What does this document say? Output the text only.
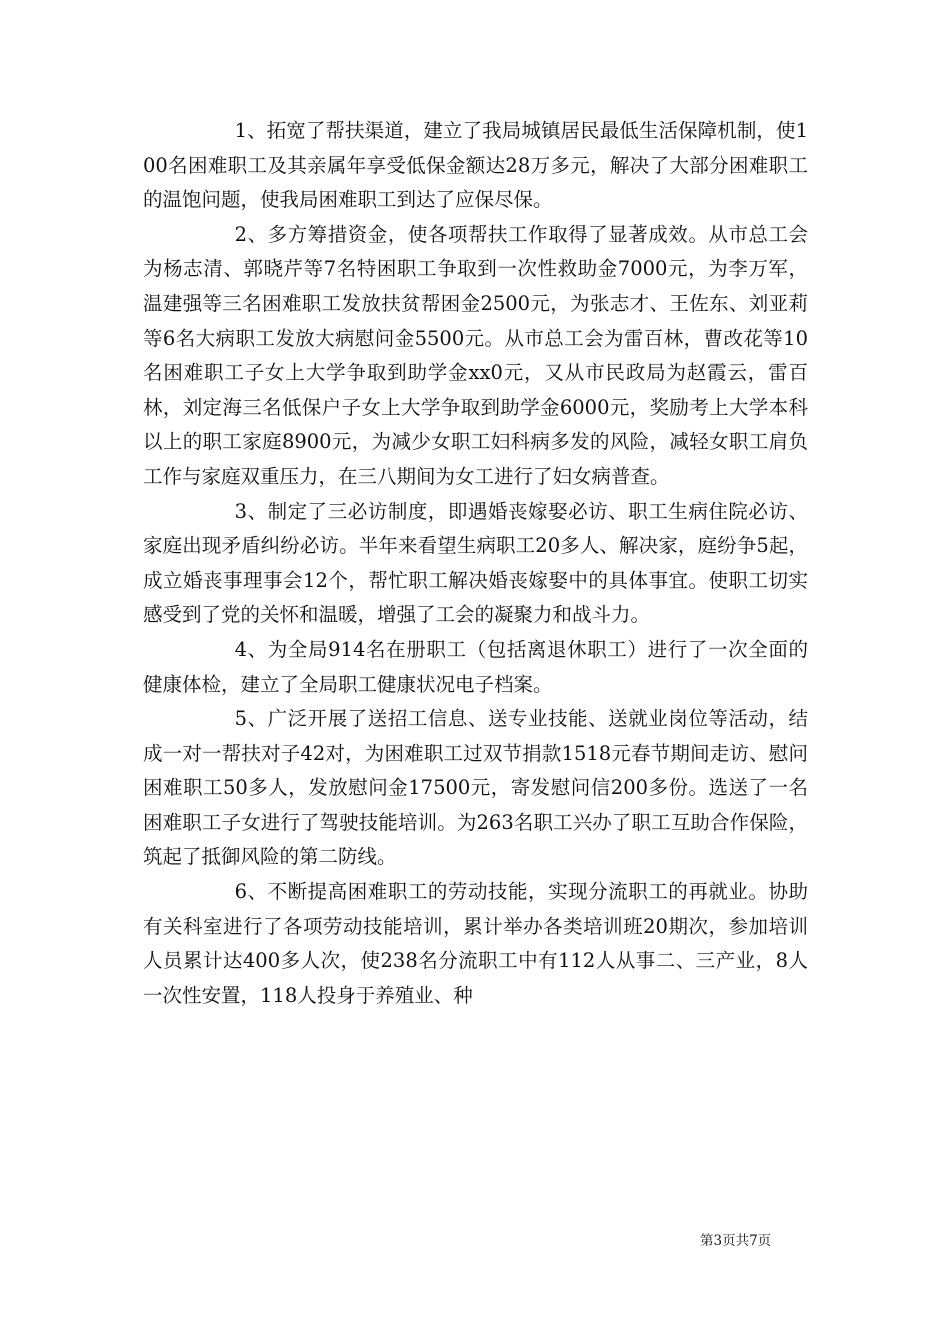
1、拓宽了帮扶渠道，建立了我局城镇居民最低生活保障机制，使100名困难职工及其亲属年享受低保金额达28万多元，解决了大部分困难职工的温饱问题，使我局困难职工到达了应保尽保。

2、多方筹措资金，使各项帮扶工作取得了显著成效。从市总工会为杨志清、郭晓芹等7名特困职工争取到一次性救助金7000元，为李万军，温建强等三名困难职工发放扶贫帮困金2500元，为张志才、王佐东、刘亚莉等6名大病职工发放大病慰问金5500元。从市总工会为雷百林，曹改花等10名困难职工子女上大学争取到助学金xx0元，又从市民政局为赵霞云，雷百林，刘定海三名低保户子女上大学争取到助学金6000元，奖励考上大学本科以上的职工家庭8900元，为减少女职工妇科病多发的风险，减轻女职工肩负工作与家庭双重压力，在三八期间为女工进行了妇女病普查。

3、制定了三必访制度，即遇婚丧嫁娶必访、职工生病住院必访、家庭出现矛盾纠纷必访。半年来看望生病职工20多人、解决家，庭纷争5起，成立婚丧事理事会12个，帮忙职工解决婚丧嫁娶中的具体事宜。使职工切实感受到了党的关怀和温暖，增强了工会的凝聚力和战斗力。

4、为全局914名在册职工（包括离退休职工）进行了一次全面的健康体检，建立了全局职工健康状况电子档案。

5、广泛开展了送招工信息、送专业技能、送就业岗位等活动，结成一对一帮扶对子42对，为困难职工过双节捐款1518元春节期间走访、慰问困难职工50多人，发放慰问金17500元，寄发慰问信200多份。选送了一名困难职工子女进行了驾驶技能培训。为263名职工兴办了职工互助合作保险，筑起了抵御风险的第二防线。

6、不断提高困难职工的劳动技能，实现分流职工的再就业。协助有关科室进行了各项劳动技能培训，累计举办各类培训班20期次，参加培训人员累计达400多人次，使238名分流职工中有112人从事二、三产业，8人一次性安置，118人投身于养殖业、种

第3页共7页
